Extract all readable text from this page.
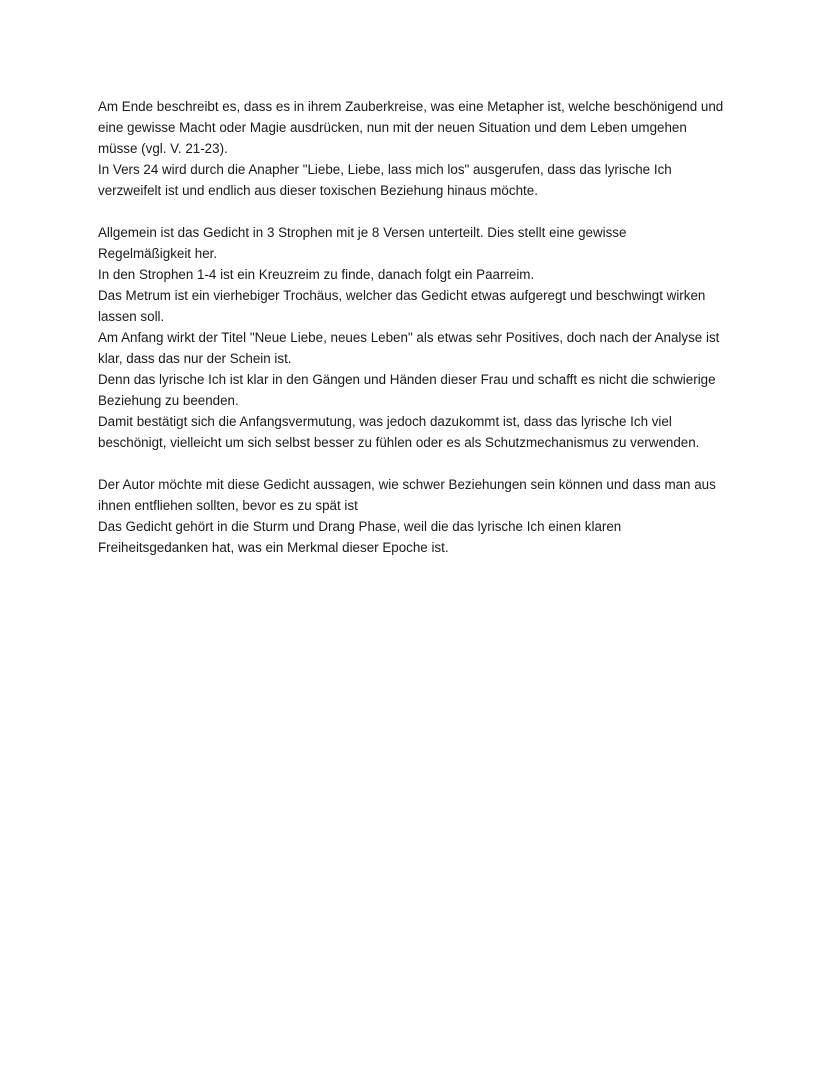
Am Ende beschreibt es, dass es in ihrem Zauberkreise, was eine Metapher ist, welche beschönigend und
eine gewisse Macht oder Magie ausdrücken, nun mit der neuen Situation und dem Leben umgehen
müsse (vgl. V. 21-23).
In Vers 24 wird durch die Anapher "Liebe, Liebe, lass mich los" ausgerufen, dass das lyrische Ich
verzweifelt ist und endlich aus dieser toxischen Beziehung hinaus möchte.
Allgemein ist das Gedicht in 3 Strophen mit je 8 Versen unterteilt. Dies stellt eine gewisse
Regelmäßigkeit her.
In den Strophen 1-4 ist ein Kreuzreim zu finde, danach folgt ein Paarreim.
Das Metrum ist ein vierhebiger Trochäus, welcher das Gedicht etwas aufgeregt und beschwingt wirken
lassen soll.
Am Anfang wirkt der Titel "Neue Liebe, neues Leben" als etwas sehr Positives, doch nach der Analyse ist
klar, dass das nur der Schein ist.
Denn das lyrische Ich ist klar in den Gängen und Händen dieser Frau und schafft es nicht die schwierige
Beziehung zu beenden.
Damit bestätigt sich die Anfangsvermutung, was jedoch dazukommt ist, dass das lyrische Ich viel
beschönigt, vielleicht um sich selbst besser zu fühlen oder es als Schutzmechanismus zu verwenden.
Der Autor möchte mit diese Gedicht aussagen, wie schwer Beziehungen sein können und dass man aus
ihnen entfliehen sollten, bevor es zu spät ist
Das Gedicht gehört in die Sturm und Drang Phase, weil die das lyrische Ich einen klaren
Freiheitsgedanken hat, was ein Merkmal dieser Epoche ist.
